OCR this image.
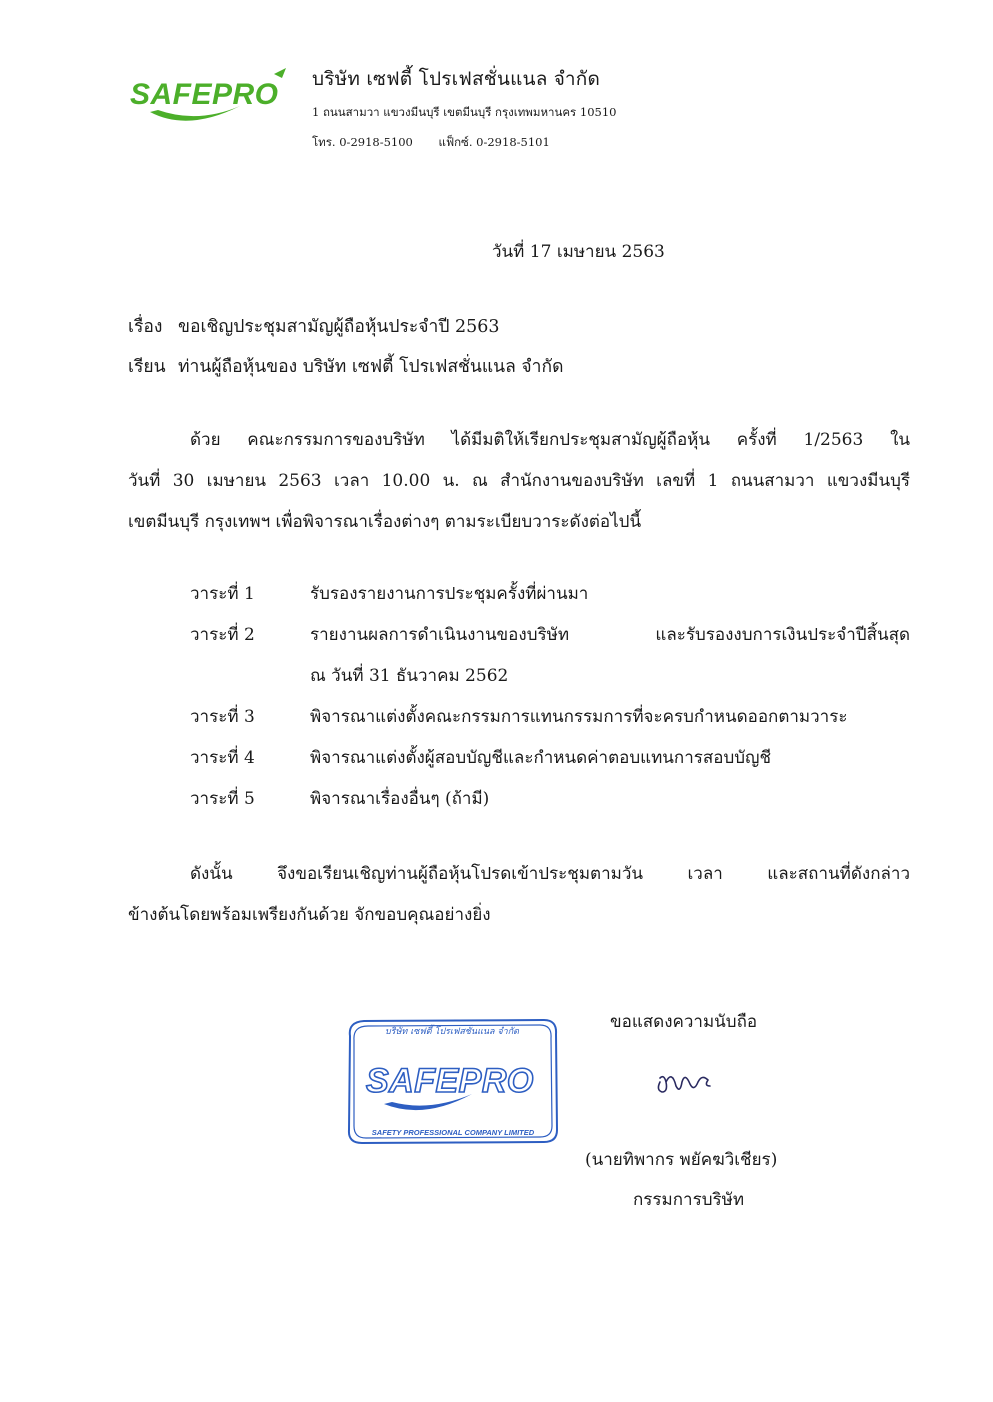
SAFEPRO บริษัท เซฟตี้ โปรเฟสชั่นแนล จำกัด
1 ถนนสามวา แขวงมีนบุรี เขตมีนบุรี กรุงเทพมหานคร 10510
โทร. 0-2918-5100 แฟ็กซ์. 0-2918-5101
วันที่ 17 เมษายน 2563
เรื่อง ขอเชิญประชุมสามัญผู้ถือหุ้นประจำปี 2563
เรียน ท่านผู้ถือหุ้นของ บริษัท เซฟตี้ โปรเฟสชั่นแนล จำกัด
ด้วย คณะกรรมการของบริษัท ได้มีมติให้เรียกประชุมสามัญผู้ถือหุ้น ครั้งที่ 1/2563 ใน
วันที่ 30 เมษายน 2563 เวลา 10.00 น. ณ สำนักงานของบริษัท เลขที่ 1 ถนนสามวา แขวงมีนบุรี
เขตมีนบุรี กรุงเทพฯ เพื่อพิจารณาเรื่องต่างๆ ตามระเบียบวาระดังต่อไปนี้
วาระที่ 1	รับรองรายงานการประชุมครั้งที่ผ่านมา
วาระที่ 2	รายงานผลการดำเนินงานของบริษัท และรับรองงบการเงินประจำปีสิ้นสุด
ณ วันที่ 31 ธันวาคม 2562
วาระที่ 3	พิจารณาแต่งตั้งคณะกรรมการแทนกรรมการที่จะครบกำหนดออกตามวาระ
วาระที่ 4	พิจารณาแต่งตั้งผู้สอบบัญชีและกำหนดค่าตอบแทนการสอบบัญชี
วาระที่ 5	พิจารณาเรื่องอื่นๆ (ถ้ามี)
ดังนั้น จึงขอเรียนเชิญท่านผู้ถือหุ้นโปรดเข้าประชุมตามวัน เวลา และสถานที่ดังกล่าว
ข้างต้นโดยพร้อมเพรียงกันด้วย จักขอบคุณอย่างยิ่ง
SAFEPRO
บริษัท เซฟตี้ โปรเฟสชั่นแนล จำกัด
SAFETY PROFESSIONAL COMPANY LIMITED
ขอแสดงความนับถือ
(นายทิพากร พยัคฆวิเชียร)
กรรมการบริษัท
